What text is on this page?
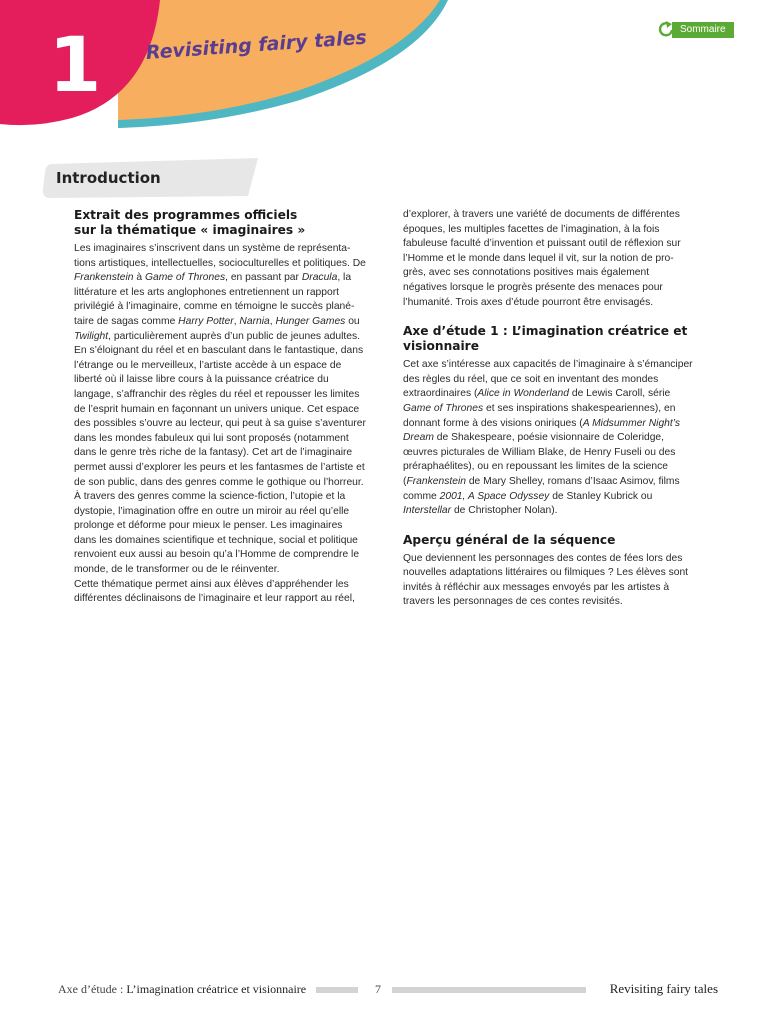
1	Revisiting fairy tales	Sommaire
Introduction
Extrait des programmes officiels
sur la thématique « imaginaires »

Les imaginaires s’inscrivent dans un système de représenta-tions artistiques, intellectuelles, socioculturelles et politiques. De Frankenstein à Game of Thrones, en passant par Dracula, la littérature et les arts anglophones entretiennent un rapport privilégié à l’imaginaire, comme en témoigne le succès plané-taire de sagas comme Harry Potter, Narnia, Hunger Games ou Twilight, particulièrement auprès d’un public de jeunes adultes.

En s’éloignant du réel et en basculant dans le fantastique, dans l’étrange ou le merveilleux, l’artiste accède à un espace de liberté où il laisse libre cours à la puissance créatrice du langage, s’affranchir des règles du réel et repousser les limites de l’esprit humain en façonnant un univers unique. Cet espace des possibles s’ouvre au lecteur, qui peut à sa guise s’aventurer dans les mondes fabuleux qui lui sont proposés (notamment dans le genre très riche de la fantasy). Cet art de l’imaginaire permet aussi d’explorer les peurs et les fantasmes de l’artiste et de son public, dans des genres comme le gothique ou l’horreur.

À travers des genres comme la science-fiction, l’utopie et la dystopie, l’imagination offre en outre un miroir au réel qu’elle prolonge et déforme pour mieux le penser. Les imaginaires dans les domaines scientifique et technique, social et politique renvoient eux aussi au besoin qu’a l’Homme de comprendre le monde, de le transformer ou de le réinventer.

Cette thématique permet ainsi aux élèves d’appréhender les différentes déclinaisons de l’imaginaire et leur rapport au réel,

d’explorer, à travers une variété de documents de différentes époques, les multiples facettes de l’imagination, à la fois fabuleuse faculté d’invention et puissant outil de réflexion sur l’Homme et le monde dans lequel il vit, sur la notion de pro-grès, avec ses connotations positives mais également négatives lorsque le progrès présente des menaces pour l’humanité. Trois axes d’étude pourront être envisagés.

Axe d’étude 1 : L’imagination créatrice et visionnaire

Cet axe s’intéresse aux capacités de l’imaginaire à s’émanciper des règles du réel, que ce soit en inventant des mondes extraordinaires (Alice in Wonderland de Lewis Caroll, série Game of Thrones et ses inspirations shakespeariennes), en donnant forme à des visions oniriques (A Midsummer Night’s Dream de Shakespeare, poésie visionnaire de Coleridge, œuvres picturales de William Blake, de Henry Fuseli ou des préraphaélites), ou en repoussant les limites de la science (Frankenstein de Mary Shelley, romans d’Isaac Asimov, films comme 2001, A Space Odyssey de Stanley Kubrick ou Interstellar de Christopher Nolan).

Aperçu général de la séquence

Que deviennent les personnages des contes de fées lors des nouvelles adaptations littéraires ou filmiques ? Les élèves sont invités à réfléchir aux messages envoyés par les artistes à travers les personnages de ces contes revisités.

Axe d’étude : L’imagination créatrice et visionnaire	7	Revisiting fairy tales
